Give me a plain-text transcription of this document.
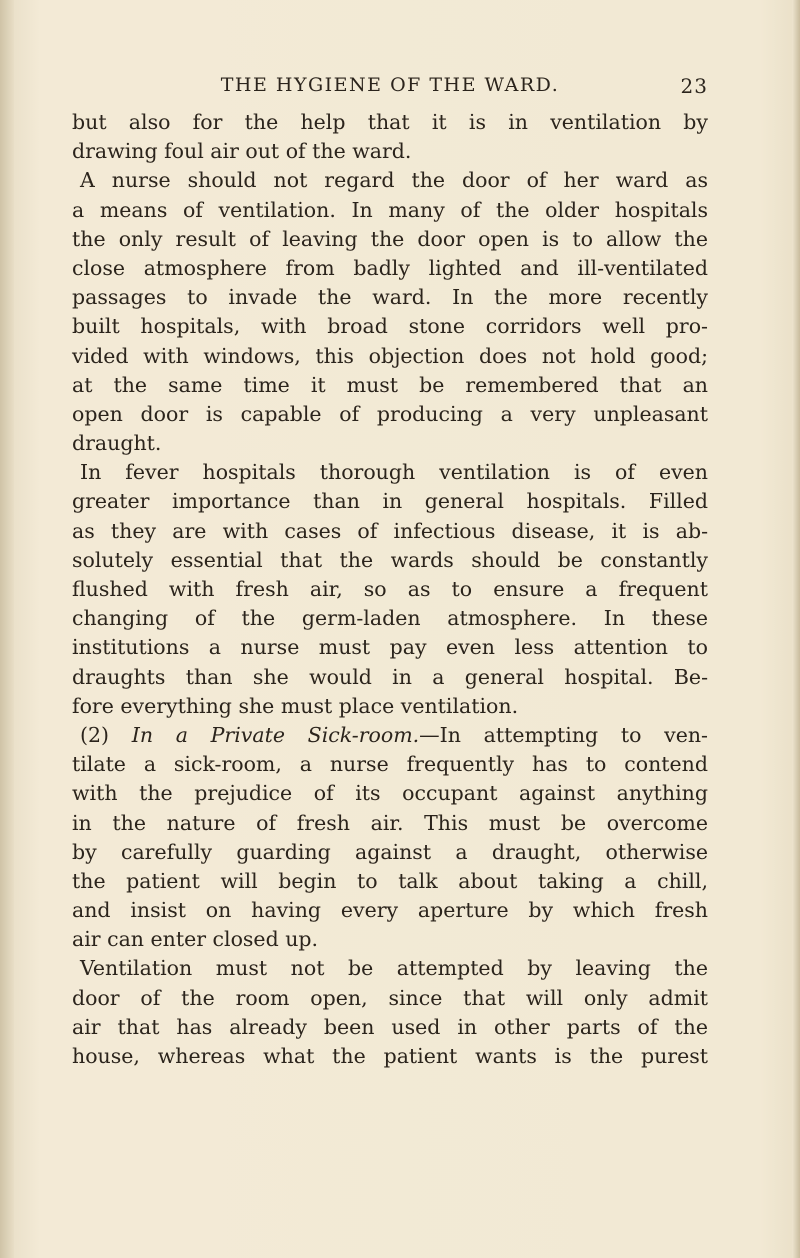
THE HYGIENE OF THE WARD.	23
but also for the help that it is in ventilation by
drawing foul air out of the ward.
A nurse should not regard the door of her ward as
a means of ventilation. In many of the older hospitals
the only result of leaving the door open is to allow the
close atmosphere from badly lighted and ill-ventilated
passages to invade the ward. In the more recently
built hospitals, with broad stone corridors well pro-
vided with windows, this objection does not hold good;
at the same time it must be remembered that an
open door is capable of producing a very unpleasant
draught.
In fever hospitals thorough ventilation is of even
greater importance than in general hospitals. Filled
as they are with cases of infectious disease, it is ab-
solutely essential that the wards should be constantly
flushed with fresh air, so as to ensure a frequent
changing of the germ-laden atmosphere. In these
institutions a nurse must pay even less attention to
draughts than she would in a general hospital. Be-
fore everything she must place ventilation.
(2) In a Private Sick-room.—In attempting to ven-
tilate a sick-room, a nurse frequently has to contend
with the prejudice of its occupant against anything
in the nature of fresh air. This must be overcome
by carefully guarding against a draught, otherwise
the patient will begin to talk about taking a chill,
and insist on having every aperture by which fresh
air can enter closed up.
Ventilation must not be attempted by leaving the
door of the room open, since that will only admit
air that has already been used in other parts of the
house, whereas what the patient wants is the purest
